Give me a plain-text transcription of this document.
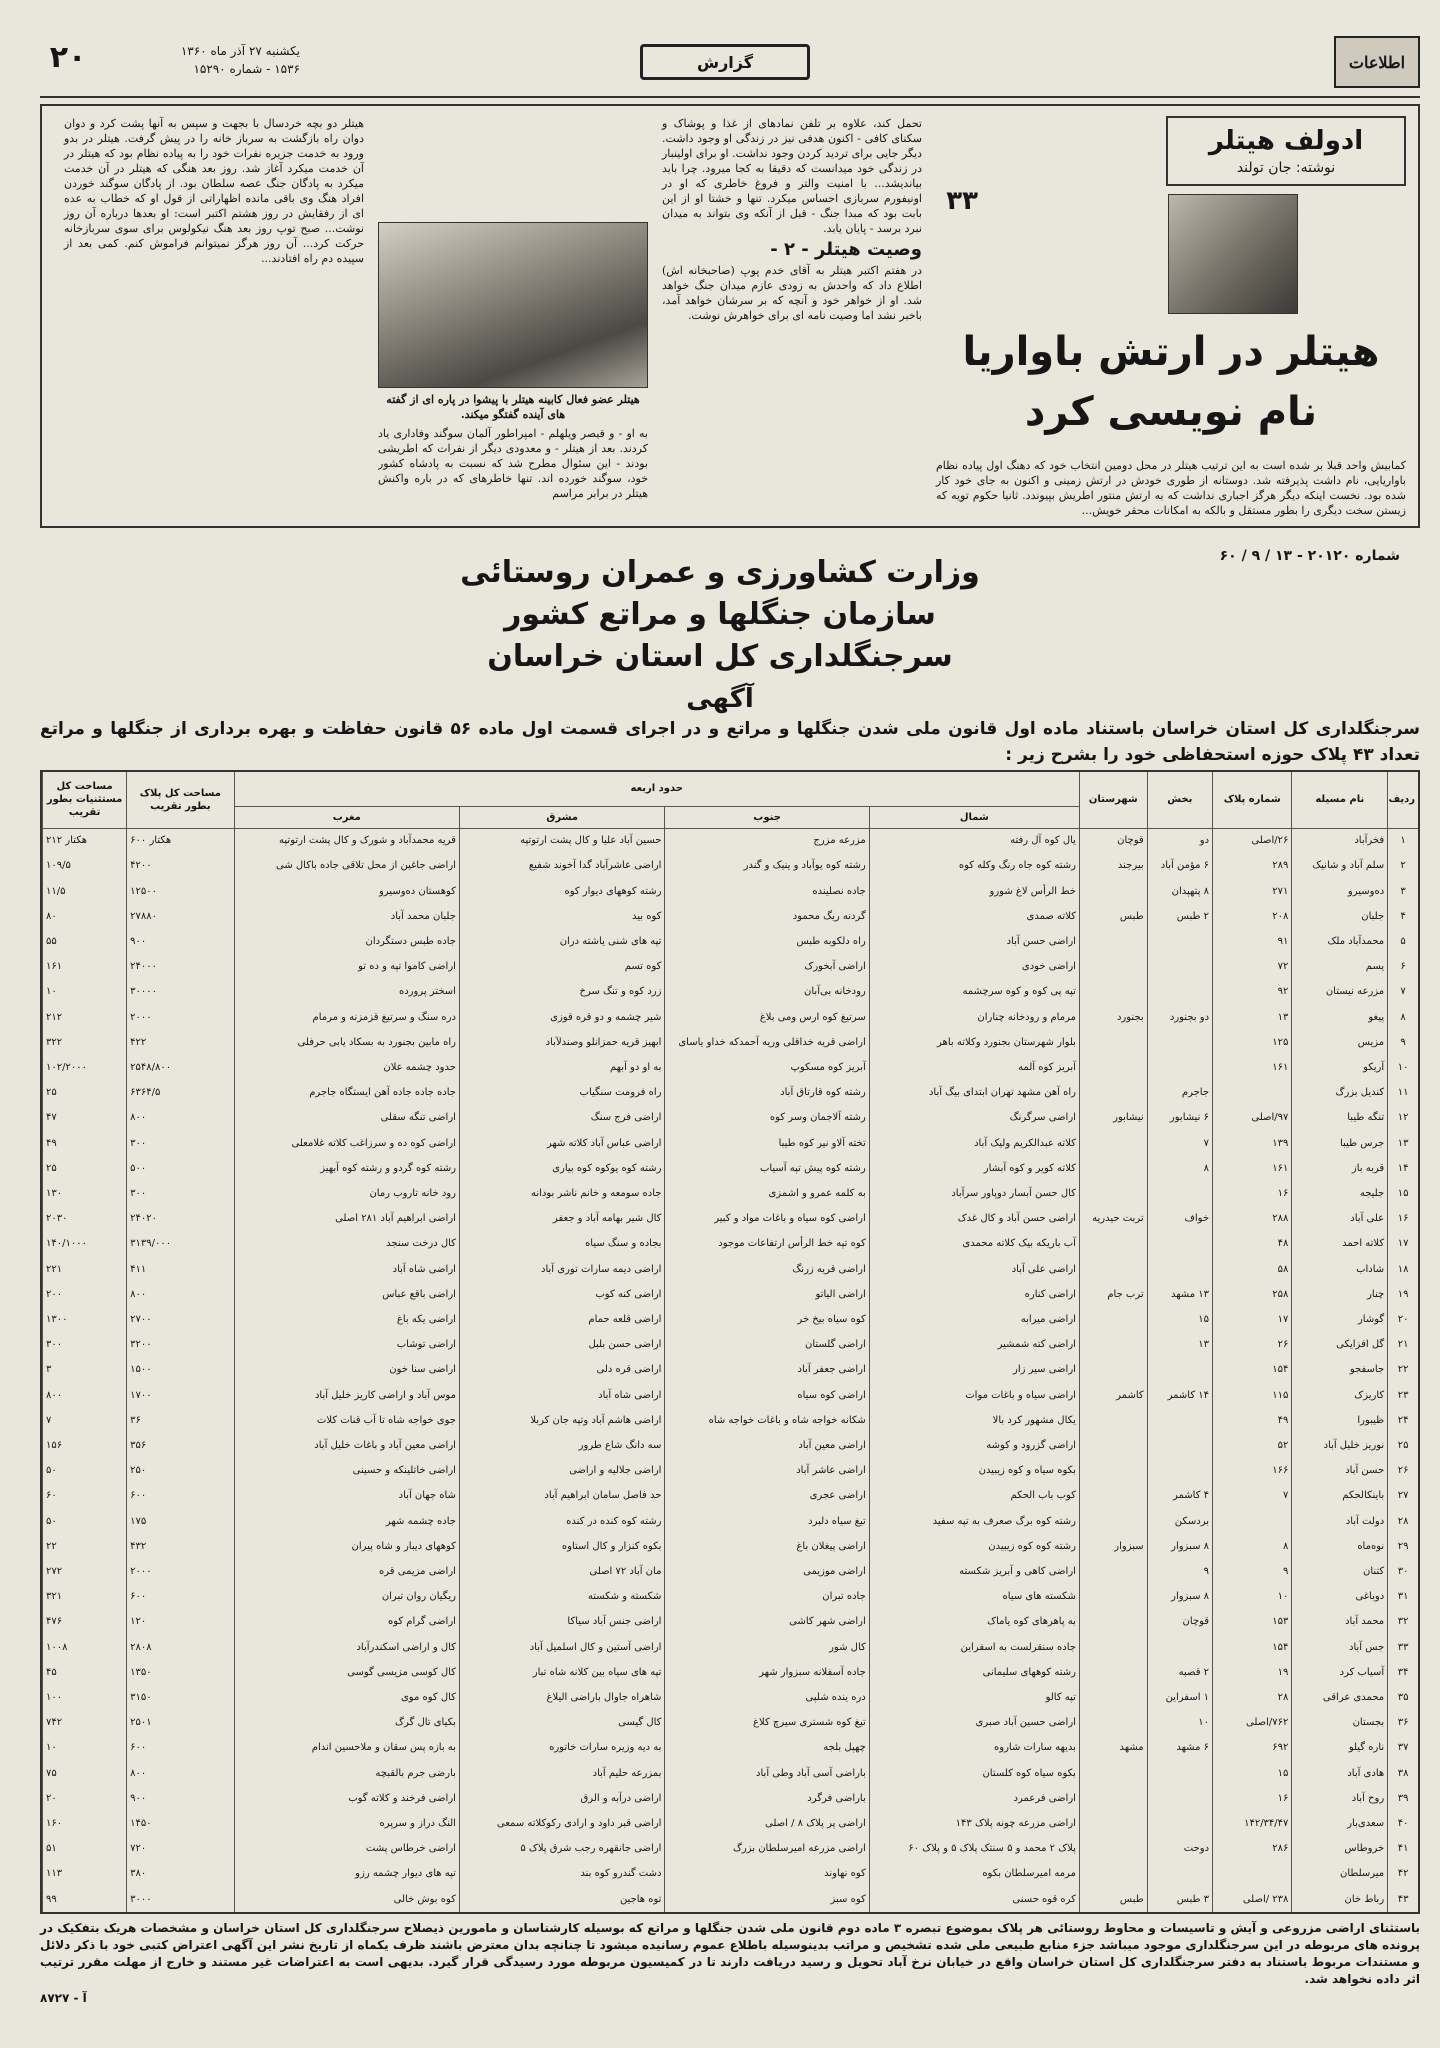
اطلاعات
گزارش
یکشنبه ۲۷ آذر ماه ۱۳۶۰
۱۵۳۶ - شماره ۱۵۲۹۰
۲۰
ادولف هیتلر
نوشته: جان تولند
۳۳
هیتلر در ارتش باواریا
نام نویسی کرد
کمابیش واحد قبلا بر شده است به این ترتیب هیتلر در محل دومین انتخاب خود که دهنگ اول پیاده نظام باواریایی، نام داشت پذیرفته شد. دوستانه از طوری خودش در ارتش زمینی و اکنون به جای خود کار شده بود. نخست اینکه دیگر هرگز اجباری نداشت که به ارتش منتور اطریش بپیوندد. ثانیا حکوم تویه که زیستن سخت دیگری را بطور مستقل و بالکه به امکانات محقر خویش...

تحمل کند، علاوه بر تلفن نمادهای از غذا و پوشاک و سکنای کافی - اکنون هدفی نیز در زندگی او وجود داشت. دیگر جایی برای تردید کردن وجود نداشت. او برای اولینبار در زندگی خود میدانست که دقیقا به کجا میرود. چرا باید بیاندیشد... با امنیت والتر و فروغ خاطری که او در اونیفورم سربازی احساس میکرد. تنها و خشتا او از این بابت بود که مبدا جنگ - قبل از آنکه وی بتواند به میدان نبرد برسد - پایان یابد.

وصیت هیتلر - ۲ -

در هفتم اکتبر هیتلر به آقای خدم پوپ (صاحبخانه اش) اطلاع داد که واحدش به زودی عازم میدان جنگ خواهد شد. او از خواهر خود و آنچه که بر سرشان خواهد آمد، باخبر نشد اما وصیت نامه ای برای خواهرش نوشت.

هیتلر عضو فعال کابینه هیتلر با پیشوا در پاره ای از گفته های آینده گفتگو میکند.

به او - و قیصر ویلهلم - امپراطور آلمان سوگند وفاداری یاد کردند. بعد از هیتلر - و معدودی دیگر از نفرات که اطریشی بودند - این سئوال مطرح شد که نسبت به پادشاه کشور خود، سوگند خورده اند. تنها خاطرهای که در باره واکنش هیتلر در برابر مراسم

هیتلر دو بچه خردسال با بجهت و سپس به آنها پشت کرد و دوان دوان راه بازگشت به سرباز خانه را در پیش گرفت. هیتلر در بدو ورود به خدمت جزیره نفرات خود را به پیاده نظام بود که هیتلر در آن خدمت میکرد آغاز شد. روز بعد هنگی که هیتلر در آن خدمت میکرد به پادگان جنگ عصه سلطان بود. از پادگان سوگند خوردن افراد هنگ وی باقی مانده اظهاراتی از قول او که خطاب به عده ای از رفقایش در روز هشتم اکتبر است: او بعدها درباره آن روز نوشت... صبح توپ روز بعد هنگ نیکولوس برای سوی سربازخانه حرکت کرد... آن روز هرگز نمیتوانم فراموش کنم. کمی بعد از سپیده دم راه افتادند...

شماره ۲۰۱۲۰ - ۱۳ / ۹ / ۶۰
وزارت کشاورزی و عمران روستائی
سازمان جنگلها و مراتع کشور
سرجنگلداری کل استان خراسان
آگهی
سرجنگلداری کل استان خراسان باستناد ماده اول قانون ملی شدن جنگلها و مراتع و در اجرای قسمت اول ماده ۵۶ قانون حفاظت و بهره برداری از جنگلها و مراتع تعداد ۴۳ پلاک حوزه استحفاظی خود را بشرح زیر :
ردیف	نام مسیله	شماره پلاک	بخش	شهرستان	حدود اربعه				مساحت کل پلاک بطور تقریب	مساحت کل مستثنیات بطور تقریب
					شمال	جنوب	مشرق	مغرب		
۱	فخرآباد	۲۶/اصلی	دو	قوچان	یال کوه آل رفته	مزرعه مزرج	حسین آباد علیا و کال پشت ارتوتپه	قریه محمدآباد و شورک و کال پشت ارتوتپه	۶۰۰ هکتار	۲۱۲ هکتار
۲	سلم آباد و شانیک	۲۸۹	۶ مؤمن آباد	بیرجند	رشته کوه جاه رنگ وکله کوه	رشته کوه یوآباد و ینیک و گندر	اراضی عاشرآباد گدا آخوند شفیع	اراضی جاغین از محل تلاقی جاده باکال شی	۴۲۰۰	۱۰۹/۵
۳	ده‌وسیرو	۲۷۱	۸ پتهپدان		خط الرأس لاغ شورو	جاده نصلینده	رشته کوههای دیوار کوه	کوهستان ده‌وسیرو	۱۲۵۰۰	۱۱/۵
۴	جلبان	۲۰۸	۲ طبس	طبس	کلاته صمدی	گردنه ریگ محمود	کوه بید	جلبان محمد آباد	۲۷۸۸۰	۸۰
۵	محمدآباد ملک	۹۱			اراضی حسن آباد	راه دلکوبه طبس	تپه های شنی یاشته دران	جاده طبس دستگردان	۹۰۰	۵۵
۶	یسم	۷۲			اراضی خودی	اراضی آبخورک	کوه تسم	اراضی کاموا تپه و ده تو	۲۴۰۰۰	۱۶۱
۷	مزرعه نیستان	۹۲			تپه پی کوه و کوه سرچشمه	رودخانه بی‌آبان	زرد کوه و تنگ سرخ	اسختر پرورده	۳۰۰۰۰	۱۰
۸	پیغو	۱۳	دو بجنورد	بجنورد	مرمام و رودخانه چناران	سرتیغ کوه ارس ومی بلاغ	شیر چشمه و دو قره قوزی	دره سنگ و سرتیغ قزمزنه و مرمام	۲۰۰۰	۲۱۲
۹	مزیس	۱۲۵			بلوار شهرستان بجنورد وکلاته باهر	اراضی قریه خداقلی وریه آحمدکه خداو یاسای	ابهیز قریه حمزانلو وصندلآباد	راه مابین بجنورد به بسکاد یابی حرفلی	۴۲۲	۳۲۲
۱۰	آریکو	۱۶۱			آبریز کوه آلمه	آبریز کوه مسکوپ	به او دو آبهم	حدود چشمه علان	۲۵۴۸/۸۰۰	۱۰۲/۲۰۰۰
۱۱	کندیل بزرگ		جاجرم		راه آهن مشهد تهران ابتدای بیگ آباد	رشته کوه قارتاق آباد	راه فرومت سنگیاب	جاده جاده جاده آهن ایستگاه جاجرم	۶۳۶۴/۵	۲۵
۱۲	تنگه طیبا	۹۷/اصلی	۶ نیشابور	نیشابور	اراضی سرگرنگ	رشته آلاجمان وسر کوه	اراضی فرج سنگ	اراضی تنگه سقلی	۸۰۰	۴۷
۱۳	جرس طیبا	۱۳۹	۷		کلاته عبدالکریم ولیک آباد	تخته آلاو نیر کوه طیبا	اراضی عباس آباد کلاته شهر	اراضی کوه ده و سرزاغب کلاته غلامعلی	۳۰۰	۴۹
۱۴	قربه باز	۱۶۱	۸		کلاته کویر و کوه آبشار	رشته کوه پیش تپه آسیاب	رشته کوه یوکوه کوه بیاری	رشته کوه گردو و رشته کوه آبهیز	۵۰۰	۲۵
۱۵	جلیجه	۱۶			کال حسن آبسار دوپاور سرآباد	به کلمه عمرو و اشمزی	جاده سومعه و خانم ناشر بودانه	رود خانه تاروب رمان	۳۰۰	۱۳۰
۱۶	علی آباد	۲۸۸	خواف	تربت حیدریه	اراضی حسن آباد و کال غدک	اراضی کوه سیاه و باغات مواد و کبیر	کال شیر بهامه آباد و جعفر	اراضی ابراهیم آباد ۲۸۱ اصلی	۲۴۰۲۰	۲۰۳۰
۱۷	کلاته احمد	۴۸			آب باریکه بیک کلاته محمدی	کوه تپه خط الرأس ارتفاعات موجود	بجاده و سنگ سیاه	کال درخت سنجد	۳۱۳۹/۰۰۰	۱۴۰/۱۰۰۰
۱۸	شاداب	۵۸			اراضی علی آباد	اراضی قریه زرنگ	اراضی دیمه سارات توری آباد	اراضی شاه آباد	۴۱۱	۲۲۱
۱۹	چنار	۲۵۸	۱۳ مشهد	ترب جام	اراضی کناره	اراضی الیاتو	اراضی کنه کوب	اراضی باقع عباس	۸۰۰	۲۰۰
۲۰	گوشار	۱۷	۱۵		اراضی میرابه	کوه سیاه بیخ خر	اراضی قلعه حمام	اراضی یکه باغ	۲۷۰۰	۱۳۰۰
۲۱	گل افزایکی	۲۶	۱۳		اراضی کته شمشیر	اراضی گلستان	اراضی حسن بلبل	اراضی توشاب	۳۲۰۰	۳۰۰
۲۲	جاسفجو	۱۵۴			اراضی سیر زار	اراضی جعفر آباد	اراضی قره دلی	اراضی سنا خون	۱۵۰۰	۳
۲۳	کاریزک	۱۱۵	۱۴ کاشمر	کاشمر	اراضی سیاه و باغات موات	اراضی کوه سیاه	اراضی شاه آباد	موس آباد و اراضی کاریز خلیل آباد	۱۷۰۰	۸۰۰
۲۴	ظیبورا	۴۹			یکال مشهور کرد بالا	شکانه خواجه شاه و باغات خواجه شاه	اراضی هاشم آباد وتپه جان کربلا	جوی خواجه شاه تا آب قنات کلات	۳۶	۷
۲۵	نوریز خلیل آباد	۵۲			اراضی گزرود و کوشه	اراضی معین آباد	سه دانگ شاع طرور	اراضی معین آباد و باغات خلیل آباد	۳۵۶	۱۵۶
۲۶	حسن آباد	۱۶۶			بکوه سیاه و کوه زیبیدن	اراضی عاشر آباد	اراضی جلالیه و اراضی	اراضی خاتلینکه و حسینی	۲۵۰	۵۰
۲۷	باینکالحکم	۷	۴ کاشمر		کوب باب الحکم	اراضی عجری	حد فاصل سامان ابراهیم آباد	شاه جهان آباد	۶۰۰	۶۰
۲۸	دولت آباد		بردسکن		رشته کوه برگ صعرف به تپه سفید	تیغ سیاه دلبرد	رشته کوه کنده در کنده	جاده چشمه شهر	۱۷۵	۵۰
۲۹	نوه‌ماه	۸	۸ سبزوار	سبزوار	رشته کوه کوه زیبیدن	اراضی پیغلان باغ	بکوه کنزار و کال استاوه	کوههای دیبار و شاه پیران	۴۳۲	۲۲
۳۰	کتنان	۹	۹		اراضی کاهی و آبریز شکسته	اراضی موزیمی	مان آباد ۷۲ اصلی	اراضی مزیمی قره	۲۰۰۰	۲۷۲
۳۱	دوباغی	۱۰	۸ سبزوار		شکسته های سیاه	جاده تبران	شکسته و شکسته	ریگیان روان تبران	۶۰۰	۳۲۱
۳۲	محمد آباد	۱۵۳	قوچان		به پاهرهای کوه یاماک	اراضی شهر کاشی	اراضی جنس آباد سیاکا	اراضی گرام کوه	۱۲۰	۴۷۶
۳۳	جس آباد	۱۵۴			جاده سنقرلست به اسفراین	کال شور	اراضی آستین و کال اسلمیل آباد	کال و اراضی اسکندرآباد	۲۸۰۸	۱۰۰۸
۳۴	آسیاب کرد	۱۹	۲ قصبه		رشته کوههای سلیمانی	جاده آسفلانه سبزوار شهر	تپه های سیاه بین کلانه شاه تبار	کال کوسی مزیسی گوسی	۱۳۵۰	۴۵
۳۵	محمدی عراقی	۲۸	۱ اسفراین		تپه کالو	دره ینده شلپی	شاهراه جاوال باراضی الیلاغ	کال کوه موی	۳۱۵۰	۱۰۰
۳۶	بجستان	۷۶۲/اصلی	۱۰		اراضی حسین آباد صبری	تیغ کوه شستری سیرچ کلاغ	کال گیسی	بکیای تال گرگ	۲۵۰۱	۷۴۲
۳۷	ناره گیلو	۶۹۲	۶ مشهد	مشهد	بدیهه سارات شاروه	چهپل بلجه	به دیه وزیره سارات خاتوره	به بازه پس سقان و ملاحسین اندام	۶۰۰	۱۰
۳۸	هادی آباد	۱۵			بکوه سیاه کوه کلستان	باراضی آسی آباد وطی آباد	بمزرعه حلیم آباد	بارضی جرم بالقبچه	۸۰۰	۷۵
۳۹	روح آباد	۱۶			اراضی فرعمرد	باراضی فرگرد	اراضی درآبه و الرق	اراضی فرخند و کلاته گوب	۹۰۰	۲۰
۴۰	سعدی‌بار	۱۴۲/۳۴/۴۷			اراضی مزرعه چونه پلاک ۱۴۳	اراضی پر پلاک ۸ / اصلی	اراضی قبر داود و ارادی رکوکلاته سمعی	النگ دراز و سرپره	۱۴۵۰	۱۶۰
۴۱	خروطاس	۲۸۶	دوحت		پلاک ۲ محمد و ۵ سنتک پلاک ۵ و پلاک ۶۰	اراضی مزرعه امیرسلطان بزرگ	اراضی جانقهره رجب شرق پلاک ۵	اراضی خرطاس پشت	۷۲۰	۵۱
۴۲	میرسلطان				مرمه امیرسلطان بکوه	کوه نهاوند	دشت گندرو کوه بند	تپه های دیوار چشمه رزو	۳۸۰	۱۱۳
۴۳	رباط خان	۲۳۸ /اصلی	۳ طبس	طبس	کره قوه حسنی	کوه سبز	توه هاجین	کوه بوش خالی	۳۰۰۰	۹۹
باستثنای اراضی مزروعی و آیش و تاسیسات و محاوط روستائی هر پلاک بموضوع تبصره ۳ ماده دوم قانون ملی شدن جنگلها و مراتع که بوسیله کارشناسان و مامورین ذیصلاح سرجنگلداری کل استان خراسان و مشخصات هریک بتفکیک در پرونده های مربوطه در این سرجنگلداری موجود میباشد جزء منابع طبیعی ملی شده تشخیص و مراتب بدینوسیله باطلاع عموم رسانیده میشود تا چنانچه بدان معترض باشند ظرف یکماه از تاریخ نشر این آگهی اعتراض کتبی خود با ذکر دلائل و مستندات مربوط باستناد به دفتر سرجنگلداری کل استان خراسان واقع در خیابان نرخ آباد تحویل و رسید دریافت دارند تا در کمیسیون مربوطه مورد رسیدگی قرار گیرد. بدیهی است به اعتراضات غیر مستند و خارج از مهلت مقرر ترتیب اثر داده نخواهد شد.
آ - ۸۷۲۷
